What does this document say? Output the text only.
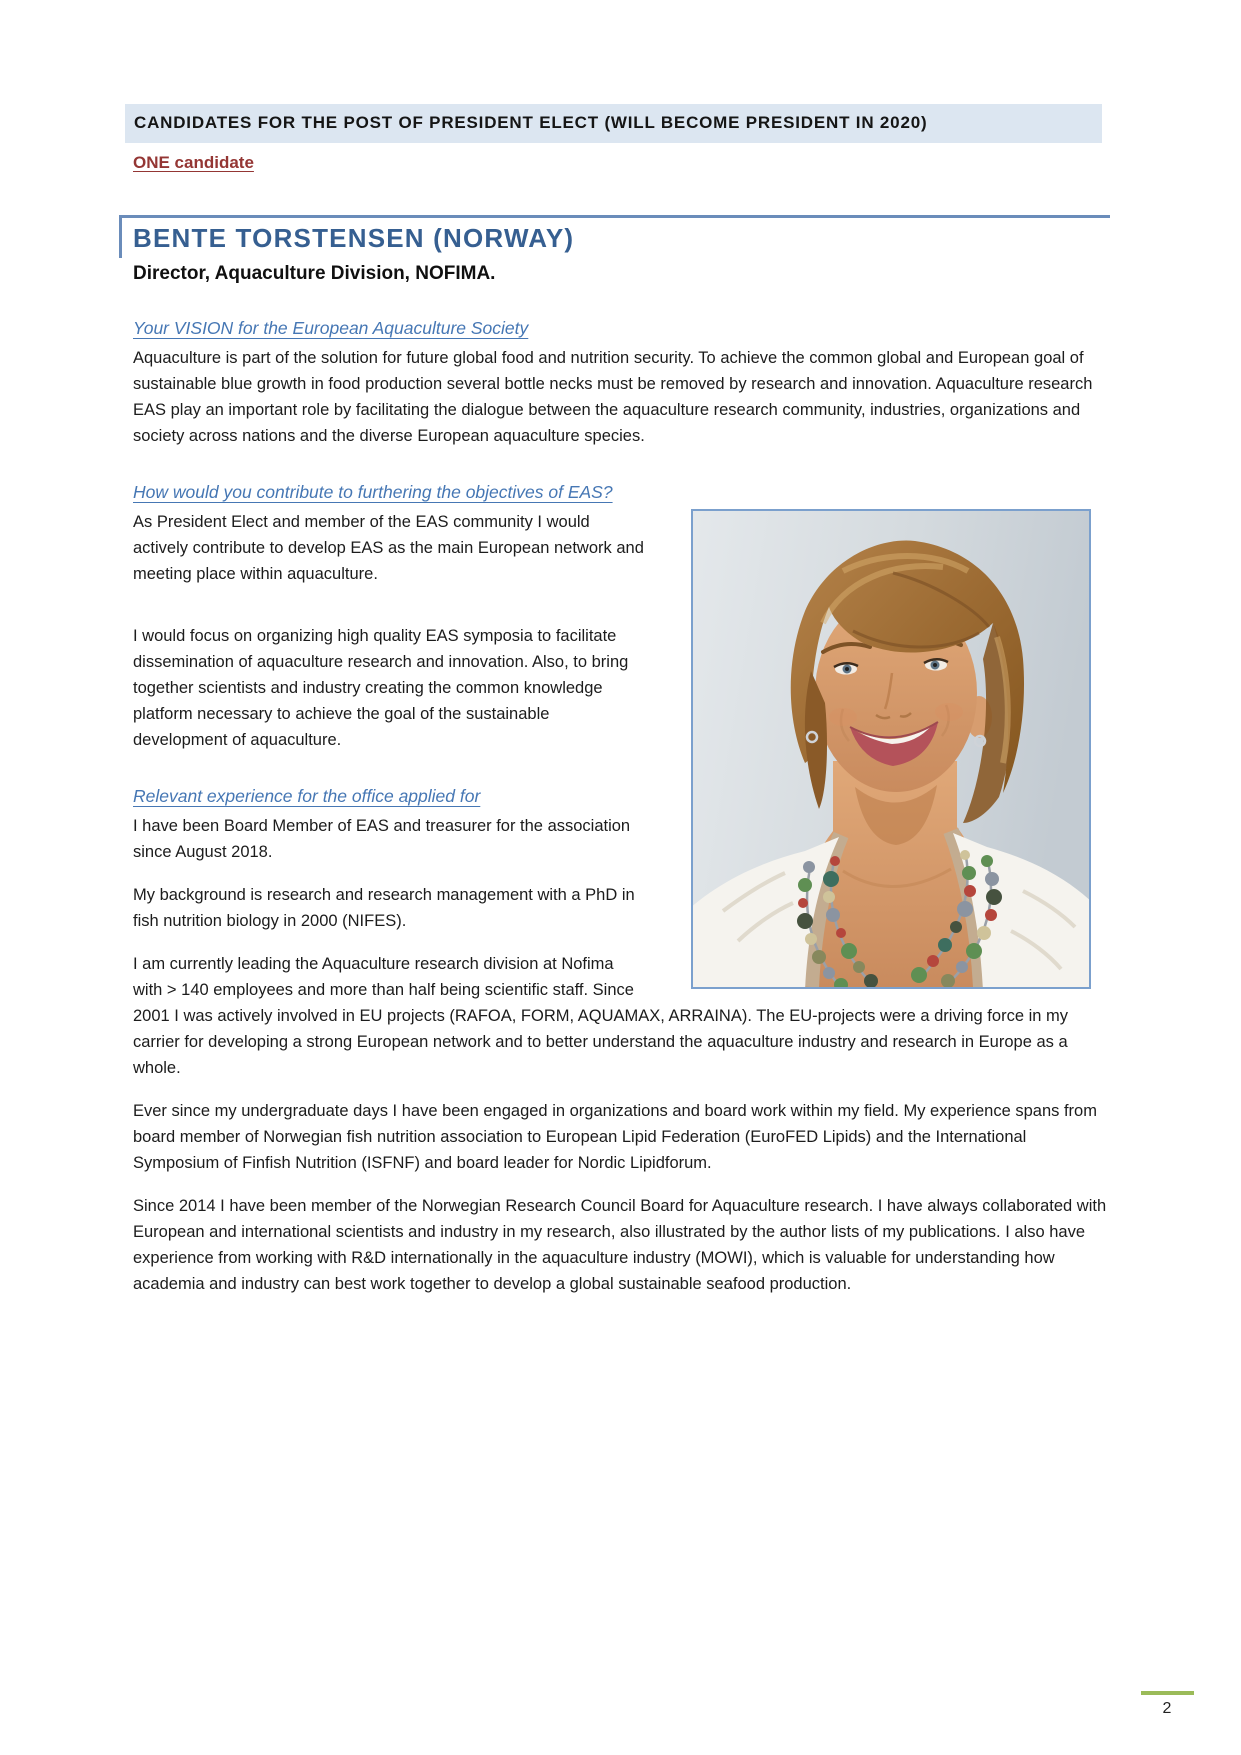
CANDIDATES FOR THE POST OF PRESIDENT ELECT (WILL BECOME PRESIDENT IN 2020)
ONE candidate
BENTE TORSTENSEN (NORWAY)
Director, Aquaculture Division, NOFIMA.
Your VISION for the European Aquaculture Society

Aquaculture is part of the solution for future global food and nutrition security. To achieve the common global and European goal of sustainable blue growth in food production several bottle necks must be removed by research and innovation. Aquaculture research EAS play an important role by facilitating the dialogue between the aquaculture research community, industries, organizations and society across nations and the diverse European aquaculture species.

How would you contribute to furthering the objectives of EAS?

As President Elect and member of the EAS community I would actively contribute to develop EAS as the main European network and meeting place within aquaculture.

I would focus on organizing high quality EAS symposia to facilitate dissemination of aquaculture research and innovation. Also, to bring together scientists and industry creating the common knowledge platform necessary to achieve the goal of the sustainable development of aquaculture.

Relevant experience for the office applied for

I have been Board Member of EAS and treasurer for the association since August 2018.

My background is research and research management with a PhD in fish nutrition biology in 2000 (NIFES).

I am currently leading the Aquaculture research division at Nofima with > 140 employees and more than half being scientific staff. Since 2001 I was actively involved in EU projects (RAFOA, FORM, AQUAMAX, ARRAINA). The EU-projects were a driving force in my carrier for developing a strong European network and to better understand the aquaculture industry and research in Europe as a whole.

Ever since my undergraduate days I have been engaged in organizations and board work within my field. My experience spans from board member of Norwegian fish nutrition association to European Lipid Federation (EuroFED Lipids) and the International Symposium of Finfish Nutrition (ISFNF) and board leader for Nordic Lipidforum.

Since 2014 I have been member of the Norwegian Research Council Board for Aquaculture research. I have always collaborated with European and international scientists and industry in my research, also illustrated by the author lists of my publications. I also have experience from working with R&D internationally in the aquaculture industry (MOWI), which is valuable for understanding how academia and industry can best work together to develop a global sustainable seafood production.

2
